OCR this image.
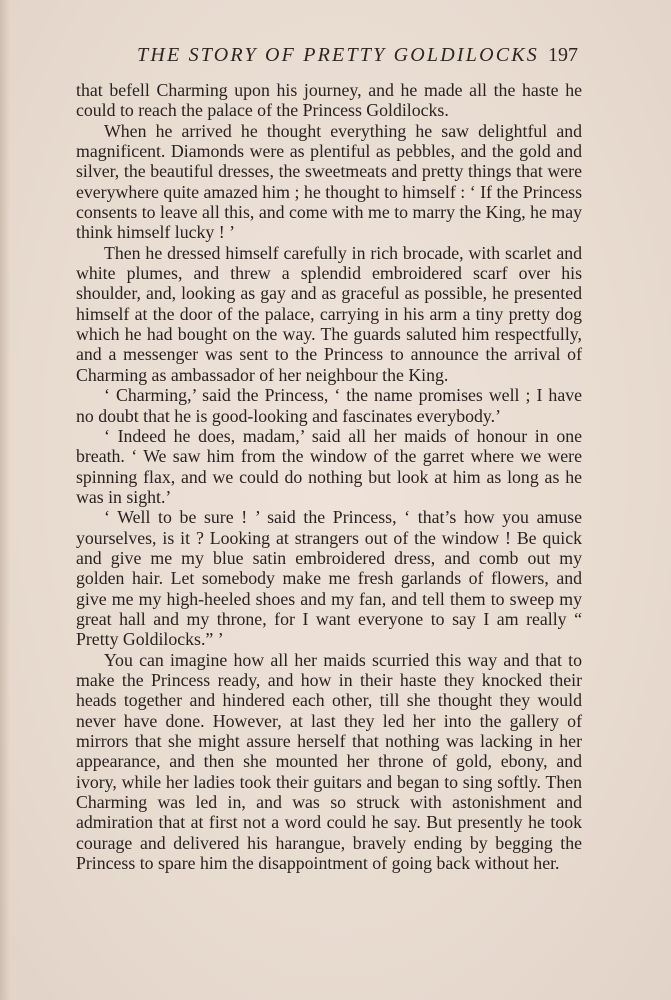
THE STORY OF PRETTY GOLDILOCKS 197

that befell Charming upon his journey, and he made all the haste he could to reach the palace of the Princess Goldilocks.

When he arrived he thought everything he saw delightful and magnificent. Diamonds were as plentiful as pebbles, and the gold and silver, the beautiful dresses, the sweetmeats and pretty things that were everywhere quite amazed him ; he thought to himself : ‘ If the Princess consents to leave all this, and come with me to marry the King, he may think himself lucky ! ’

Then he dressed himself carefully in rich brocade, with scarlet and white plumes, and threw a splendid embroidered scarf over his shoulder, and, looking as gay and as graceful as possible, he presented himself at the door of the palace, carrying in his arm a tiny pretty dog which he had bought on the way. The guards saluted him respectfully, and a messenger was sent to the Princess to announce the arrival of Charming as ambassador of her neighbour the King.

‘ Charming,’ said the Princess, ‘ the name promises well ; I have no doubt that he is good-looking and fascinates everybody.’

‘ Indeed he does, madam,’ said all her maids of honour in one breath. ‘ We saw him from the window of the garret where we were spinning flax, and we could do nothing but look at him as long as he was in sight.’

‘ Well to be sure ! ’ said the Princess, ‘ that’s how you amuse yourselves, is it ? Looking at strangers out of the window ! Be quick and give me my blue satin embroidered dress, and comb out my golden hair. Let somebody make me fresh garlands of flowers, and give me my high-heeled shoes and my fan, and tell them to sweep my great hall and my throne, for I want everyone to say I am really “ Pretty Goldilocks.” ’

You can imagine how all her maids scurried this way and that to make the Princess ready, and how in their haste they knocked their heads together and hindered each other, till she thought they would never have done. However, at last they led her into the gallery of mirrors that she might assure herself that nothing was lacking in her appearance, and then she mounted her throne of gold, ebony, and ivory, while her ladies took their guitars and began to sing softly. Then Charming was led in, and was so struck with astonishment and admiration that at first not a word could he say. But presently he took courage and delivered his harangue, bravely ending by begging the Princess to spare him the disappointment of going back without her.
